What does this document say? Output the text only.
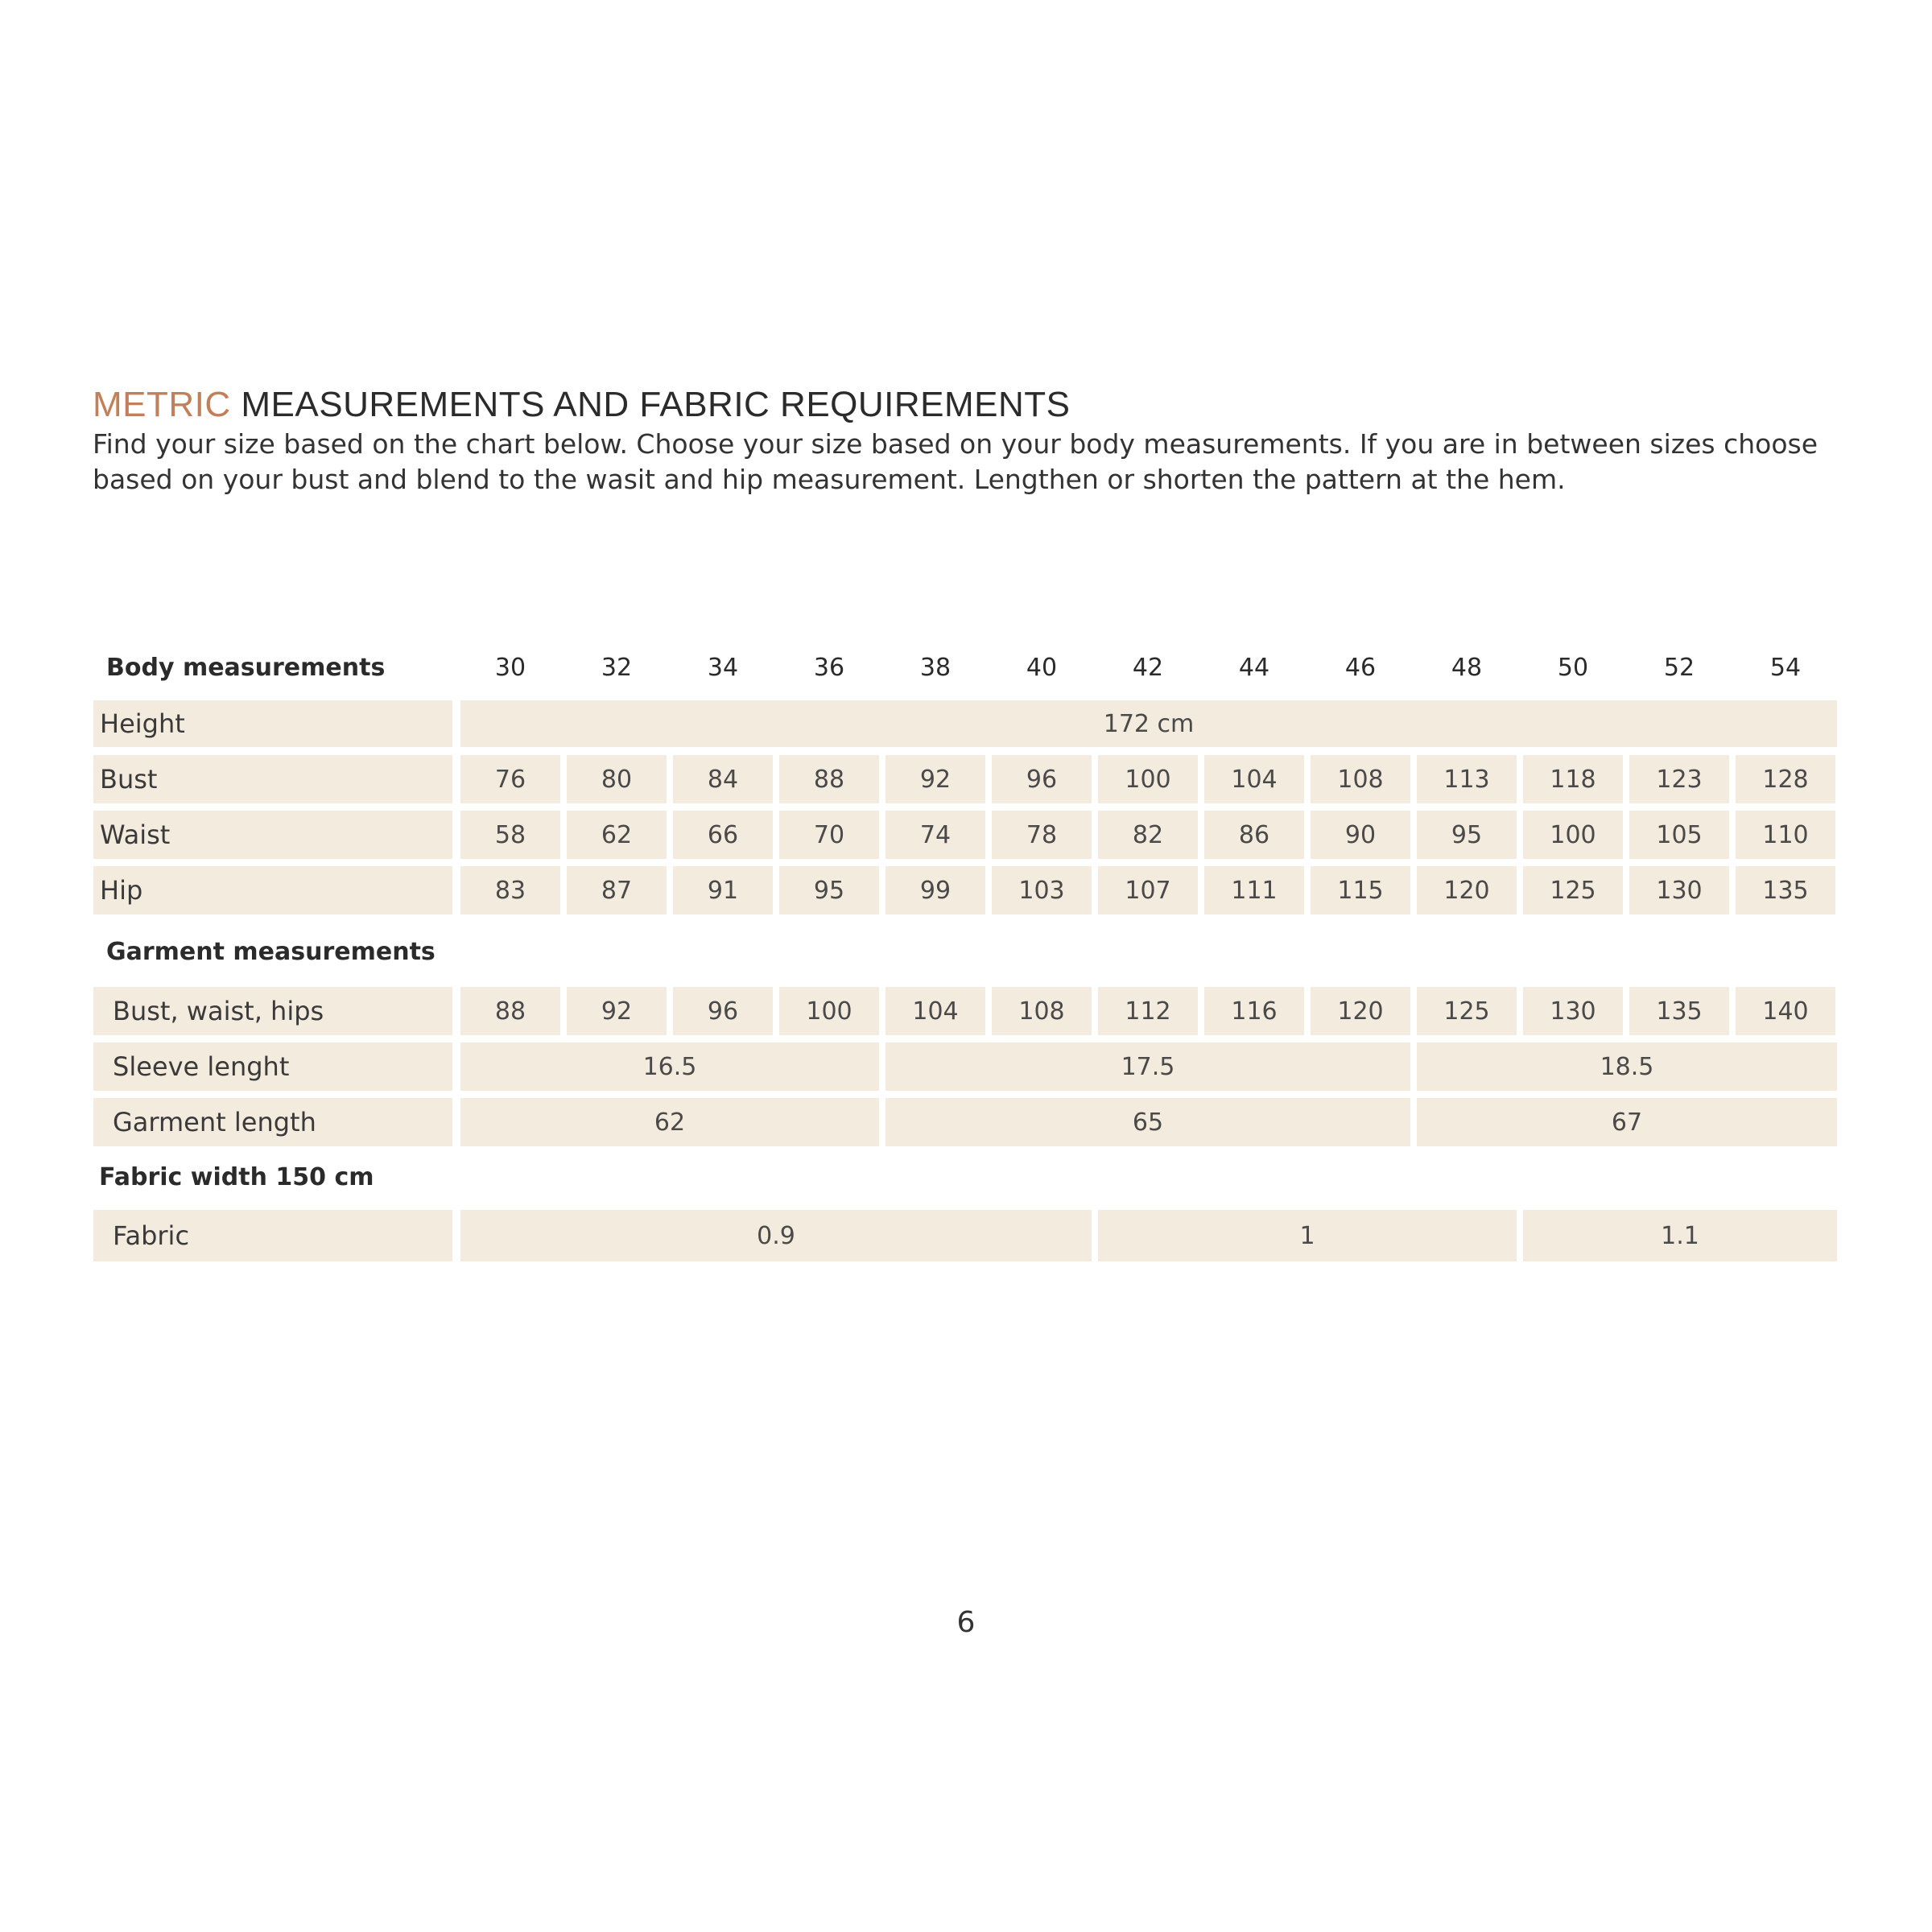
METRIC MEASUREMENTS AND FABRIC REQUIREMENTS
Find your size based on the chart below. Choose your size based on your body measurements. If you are in between sizes choose based on your bust and blend to the wasit and hip measurement. Lengthen or shorten the pattern at the hem.
Body measurements	30	32	34	36	38	40	42	44	46	48	50	52	54
Height	172 cm
Bust	76	80	84	88	92	96	100	104	108	113	118	123	128
Waist	58	62	66	70	74	78	82	86	90	95	100	105	110
Hip	83	87	91	95	99	103	107	111	115	120	125	130	135
Garment measurements
Bust, waist, hips	88	92	96	100	104	108	112	116	120	125	130	135	140
Sleeve lenght	16.5	17.5	18.5
Garment length	62	65	67
Fabric width 150 cm
Fabric	0.9	1	1.1
6
